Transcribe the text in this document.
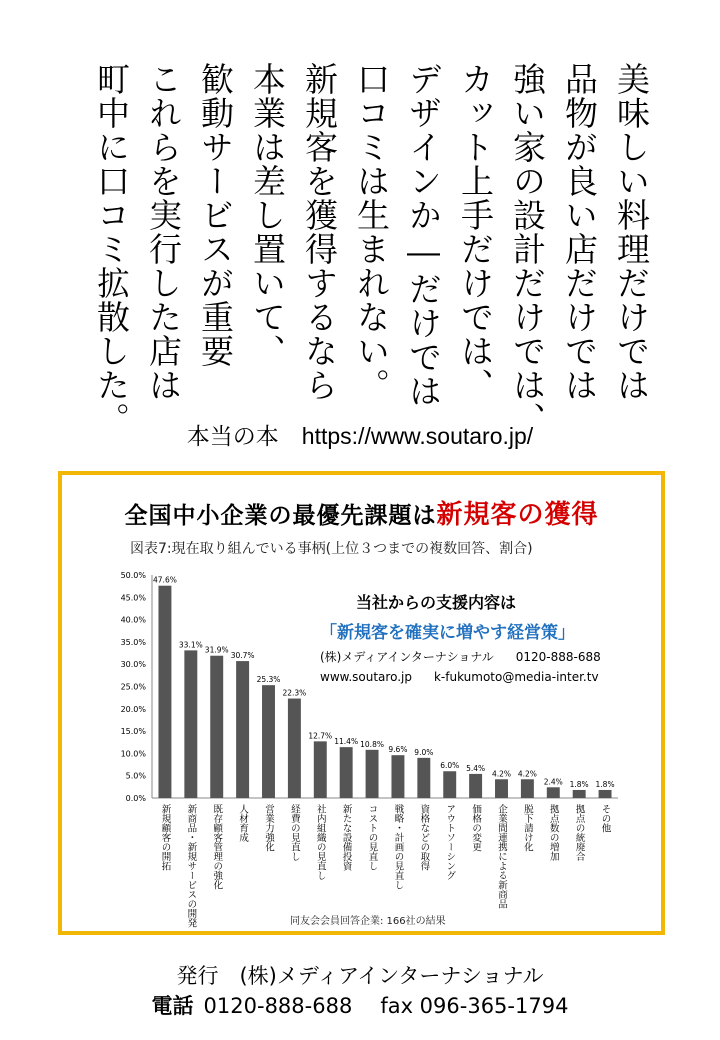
美味しい料理だけでは
品物が良い店だけでは
強い家の設計だけでは、
カット上手だけでは、
デザインか―だけでは
口コミは生まれない。
新規客を獲得するなら
本業は差し置いて、
歓動サービスが重要
これらを実行した店は
町中に口コミ拡散した。	本当の本　https://www.soutaro.jp/
全国中小企業の最優先課題は新規客の獲得
図表7:現在取り組んでいる事柄(上位３つまでの複数回答、割合)
0.0%
5.0%
10.0%
15.0%
20.0%
25.0%
30.0%
35.0%
40.0%
45.0%
50.0%
47.6%
新規顧客の開拓
33.1%
新商品・新規サービスの開発
31.9%
既存顧客管理の強化
30.7%
人材育成
25.3%
営業力強化
22.3%
経費の見直し
12.7%
社内組織の見直し
11.4%
新たな設備投資
10.8%
コストの見直し
9.6%
戦略・計画の見直し
9.0%
資格などの取得
6.0%
アウトソーシング
5.4%
価格の変更
4.2%
企業間連携による新商品
4.2%
脱下請け化
2.4%
拠点数の増加
1.8%
拠点の統廃合
1.8%
その他
同友会会員回答企業: 166社の結果
当社からの支援内容は
「新規客を確実に増やす経営策」
(株)メディアインターナショナル 0120-888-688
www.soutaro.jp k-fukumoto@media-inter.tv
発行　(株)メディアインターナショナル
電話 0120-888-688 fax 096-365-1794
